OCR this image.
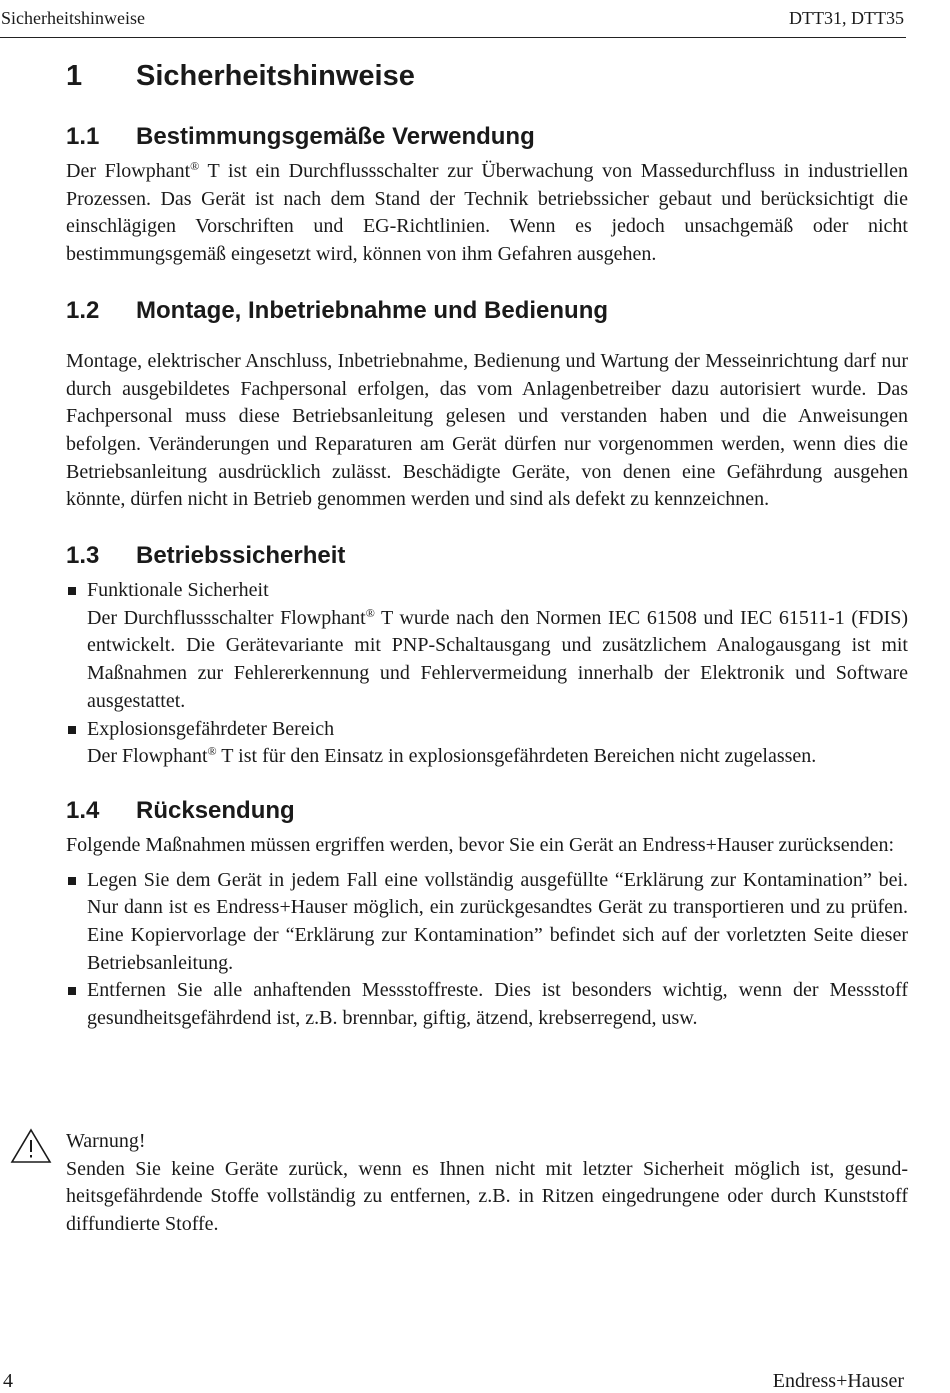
Sicherheitshinweise	DTT31, DTT35
1 Sicherheitshinweise
1.1 Bestimmungsgemäße Verwendung

Der Flowphant® T ist ein Durchflussschalter zur Überwachung von Massedurchfluss in industriellen Prozessen. Das Gerät ist nach dem Stand der Technik betriebssicher gebaut und berücksichtigt die einschlägigen Vorschriften und EG-Richtlinien. Wenn es jedoch unsachgemäß oder nicht bestimmungsgemäß eingesetzt wird, können von ihm Gefahren ausgehen.

1.2 Montage, Inbetriebnahme und Bedienung

Montage, elektrischer Anschluss, Inbetriebnahme, Bedienung und Wartung der Messeinrichtung darf nur durch ausgebildetes Fachpersonal erfolgen, das vom Anlagenbetreiber dazu autorisiert wurde. Das Fachpersonal muss diese Betriebsanleitung gelesen und verstanden haben und die Anweisungen befolgen. Veränderungen und Reparaturen am Gerät dürfen nur vorgenommen werden, wenn dies die Betriebsanleitung ausdrücklich zulässt. Beschädigte Geräte, von denen eine Gefährdung ausgehen könnte, dürfen nicht in Betrieb genommen werden und sind als defekt zu kennzeichnen.

1.3 Betriebssicherheit

Funktionale Sicherheit

Der Durchflussschalter Flowphant® T wurde nach den Normen IEC 61508 und IEC 61511-1 (FDIS) entwickelt. Die Gerätevariante mit PNP-Schaltausgang und zusätzlichem Analogausgang ist mit Maßnahmen zur Fehlererkennung und Fehlervermeidung innerhalb der Elektronik und Software ausgestattet.

Explosionsgefährdeter Bereich

Der Flowphant® T ist für den Einsatz in explosionsgefährdeten Bereichen nicht zugelassen.

1.4 Rücksendung

Folgende Maßnahmen müssen ergriffen werden, bevor Sie ein Gerät an Endress+Hauser zurücksenden:

Legen Sie dem Gerät in jedem Fall eine vollständig ausgefüllte “Erklärung zur Kontamination” bei. Nur dann ist es Endress+Hauser möglich, ein zurückgesandtes Gerät zu transportieren und zu prüfen. Eine Kopiervorlage der “Erklärung zur Kontamination” befindet sich auf der vorletzten Seite dieser Betriebsanleitung.

Entfernen Sie alle anhaftenden Messstoffreste. Dies ist besonders wichtig, wenn der Messstoff gesundheitsgefährdend ist, z.B. brennbar, giftig, ätzend, krebserregend, usw.

Warnung!

Senden Sie keine Geräte zurück, wenn es Ihnen nicht mit letzter Sicherheit möglich ist, gesundheitsgefährdende Stoffe vollständig zu entfernen, z.B. in Ritzen eingedrungene oder durch Kunststoff diffundierte Stoffe.

4	Endress+Hauser
